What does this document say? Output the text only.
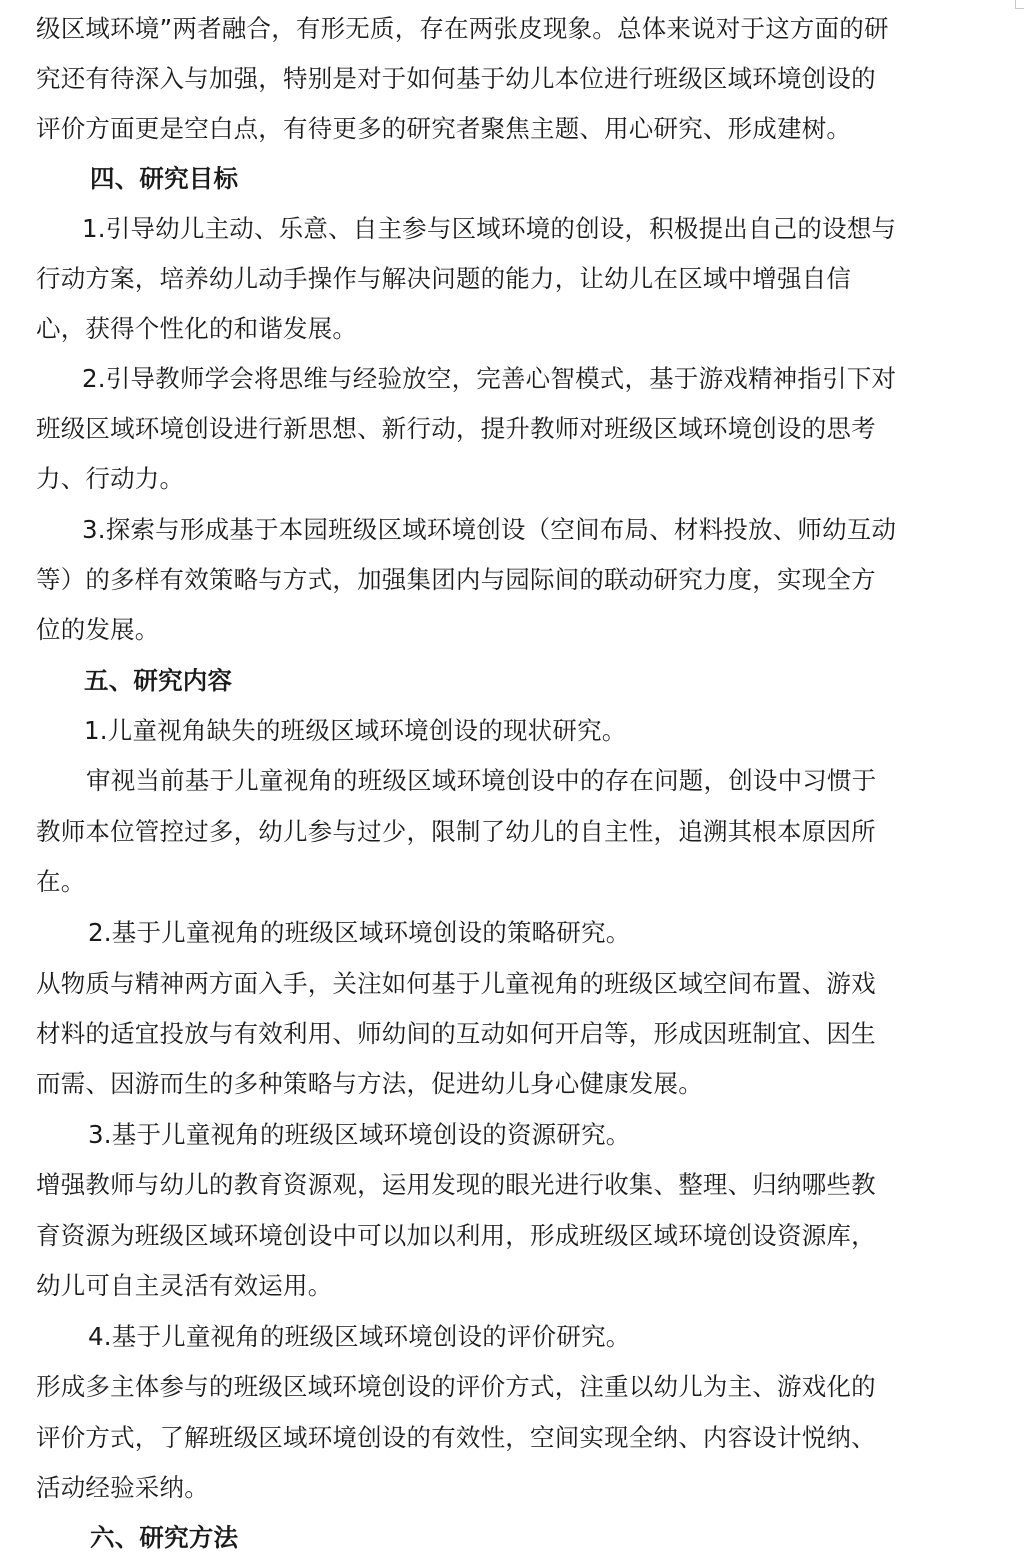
级区域环境”两者融合，有形无质，存在两张皮现象。总体来说对于这方面的研
究还有待深入与加强，特别是对于如何基于幼儿本位进行班级区域环境创设的
评价方面更是空白点，有待更多的研究者聚焦主题、用心研究、形成建树。
四、研究目标
1.引导幼儿主动、乐意、自主参与区域环境的创设，积极提出自己的设想与
行动方案，培养幼儿动手操作与解决问题的能力，让幼儿在区域中增强自信
心，获得个性化的和谐发展。
2.引导教师学会将思维与经验放空，完善心智模式，基于游戏精神指引下对
班级区域环境创设进行新思想、新行动，提升教师对班级区域环境创设的思考
力、行动力。
3.探索与形成基于本园班级区域环境创设（空间布局、材料投放、师幼互动
等）的多样有效策略与方式，加强集团内与园际间的联动研究力度，实现全方
位的发展。
五、研究内容
1.儿童视角缺失的班级区域环境创设的现状研究。
审视当前基于儿童视角的班级区域环境创设中的存在问题，创设中习惯于
教师本位管控过多，幼儿参与过少，限制了幼儿的自主性，追溯其根本原因所
在。
2.基于儿童视角的班级区域环境创设的策略研究。
从物质与精神两方面入手，关注如何基于儿童视角的班级区域空间布置、游戏
材料的适宜投放与有效利用、师幼间的互动如何开启等，形成因班制宜、因生
而需、因游而生的多种策略与方法，促进幼儿身心健康发展。
3.基于儿童视角的班级区域环境创设的资源研究。
增强教师与幼儿的教育资源观，运用发现的眼光进行收集、整理、归纳哪些教
育资源为班级区域环境创设中可以加以利用，形成班级区域环境创设资源库，
幼儿可自主灵活有效运用。
4.基于儿童视角的班级区域环境创设的评价研究。
形成多主体参与的班级区域环境创设的评价方式，注重以幼儿为主、游戏化的
评价方式，了解班级区域环境创设的有效性，空间实现全纳、内容设计悦纳、
活动经验采纳。
六、研究方法
